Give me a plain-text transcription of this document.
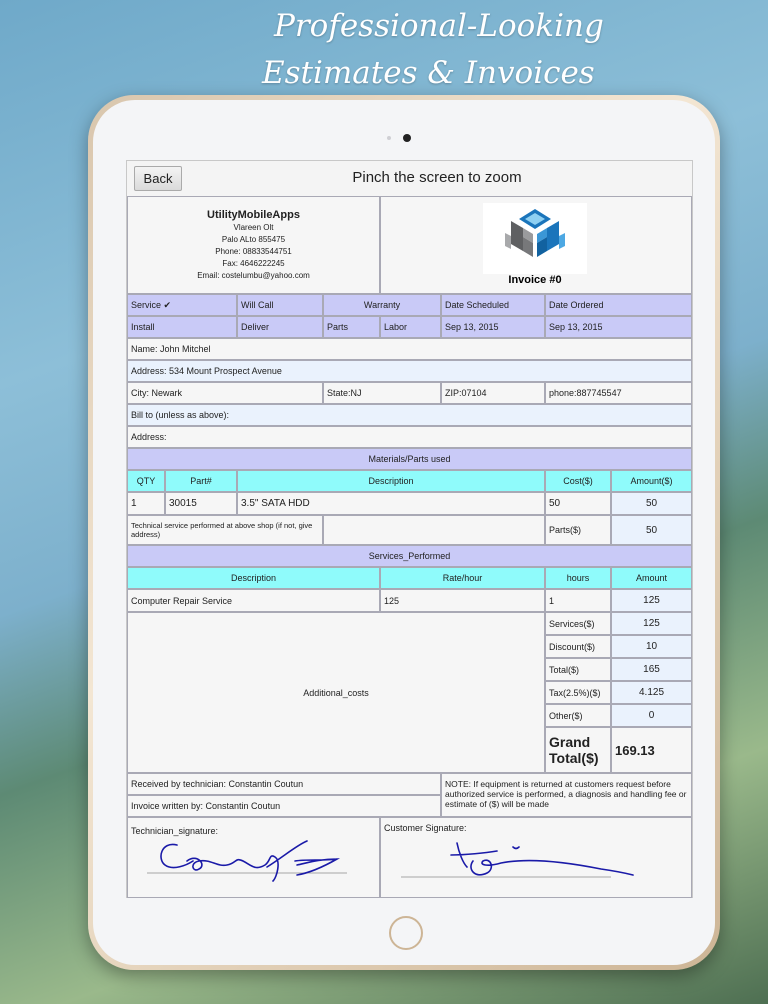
Professional-Looking
Estimates & Invoices
Back	Pinch the screen to zoom
UtilityMobileApps
Vlareen Olt
Palo ALto 855475
Phone: 08833544751
Fax: 4646222245
Email: costelumbu@yahoo.com
Service ✔	Will Call	Warranty	Date Scheduled	Date Ordered
Install	Deliver	Parts	Labor	Sep 13, 2015	Sep 13, 2015
Name: John Mitchel
Address: 534 Mount Prospect Avenue
City: Newark	State:NJ	ZIP:07104	phone:887745547
Bill to (unless as above):
Address:
Materials/Parts used
QTY	Part#	Description	Cost($)	Amount($)
1	30015	3.5" SATA HDD	50	50
Technical service performed at above shop (if not, give address)	Parts($)	50
Services_Performed
Description	Rate/hour	hours	Amount
Computer Repair Service	125	1	125
Additional_costs
Services($)	125
Discount($)	10
Total($)	165
Tax(2.5%)($)	4.125
Other($)	0
Grand Total($)	169.13
Received by technician: Constantin Coutun
Invoice written by: Constantin Coutun
NOTE: If equipment is returned at customers request before authorized service is performed, a diagnosis and handling fee or estimate of ($) will be made
Technician_signature:	Customer Signature:
Invoice #0
